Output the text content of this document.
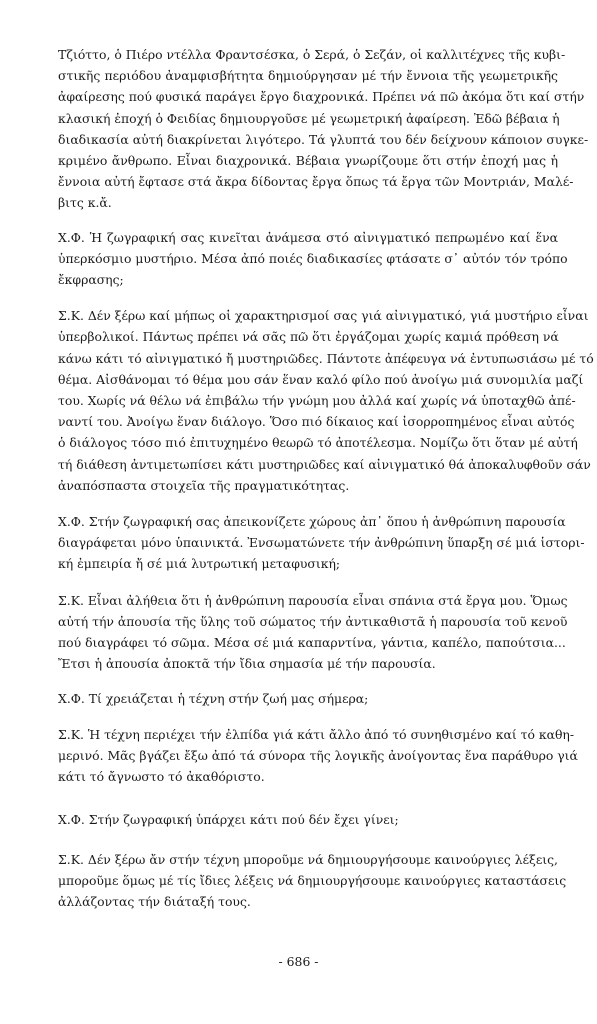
Τζιόττο, ὁ Πιέρο ντέλλα Φραντσέσκα, ὁ Σερά, ὁ Σεζάν, οἱ καλλιτέχνες τῆς κυβι-
στικῆς περιόδου ἀναμφισβήτητα δημιούργησαν μέ τήν ἔννοια τῆς γεωμετρικῆς
ἀφαίρεσης πού φυσικά παράγει ἔργο διαχρονικά. Πρέπει νά πῶ ἀκόμα ὅτι καί στήν
κλασική ἐποχή ὁ Φειδίας δημιουργοῦσε μέ γεωμετρική ἀφαίρεση. Ἐδῶ βέβαια ἡ
διαδικασία αὐτή διακρίνεται λιγότερο. Τά γλυπτά του δέν δείχνουν κάποιον συγκε-
κριμένο ἄνθρωπο. Εἶναι διαχρονικά. Βέβαια γνωρίζουμε ὅτι στήν ἐποχή μας ἡ
ἔννοια αὐτή ἔφτασε στά ἄκρα δίδοντας ἔργα ὅπως τά ἔργα τῶν Μοντριάν, Μαλέ-
βιτς κ.ἄ.
Χ.Φ. Ἡ ζωγραφική σας κινεῖται ἀνάμεσα στό αἰνιγματικό πεπρωμένο καί ἕνα
ὑπερκόσμιο μυστήριο. Μέσα ἀπό ποιές διαδικασίες φτάσατε σ᾿ αὐτόν τόν τρόπο
ἔκφρασης;
Σ.Κ. Δέν ξέρω καί μήπως οἱ χαρακτηρισμοί σας γιά αἰνιγματικό, γιά μυστήριο εἶναι
ὑπερβολικοί. Πάντως πρέπει νά σᾶς πῶ ὅτι ἐργάζομαι χωρίς καμιά πρόθεση νά
κάνω κάτι τό αἰνιγματικό ἤ μυστηριῶδες. Πάντοτε ἀπέφευγα νά ἐντυπωσιάσω μέ τό
θέμα. Αἰσθάνομαι τό θέμα μου σάν ἕναν καλό φίλο πού ἀνοίγω μιά συνομιλία μαζί
του. Χωρίς νά θέλω νά ἐπιβάλω τήν γνώμη μου ἀλλά καί χωρίς νά ὑποταχθῶ ἀπέ-
ναντί του. Ἀνοίγω ἕναν διάλογο. Ὅσο πιό δίκαιος καί ἰσορροπημένος εἶναι αὐτός
ὁ διάλογος τόσο πιό ἐπιτυχημένο θεωρῶ τό ἀποτέλεσμα. Νομίζω ὅτι ὅταν μέ αὐτή
τή διάθεση ἀντιμετωπίσει κάτι μυστηριῶδες καί αἰνιγματικό θά ἀποκαλυφθοῦν σάν
ἀναπόσπαστα στοιχεῖα τῆς πραγματικότητας.
Χ.Φ. Στήν ζωγραφική σας ἀπεικονίζετε χώρους ἀπ᾿ ὅπου ἡ ἀνθρώπινη παρουσία
διαγράφεται μόνο ὑπαινικτά. Ἐνσωματώνετε τήν ἀνθρώπινη ὕπαρξη σέ μιά ἱστορι-
κή ἐμπειρία ἤ σέ μιά λυτρωτική μεταφυσική;
Σ.Κ. Εἶναι ἀλήθεια ὅτι ἡ ἀνθρώπινη παρουσία εἶναι σπάνια στά ἔργα μου. Ὅμως
αὐτή τήν ἀπουσία τῆς ὕλης τοῦ σώματος τήν ἀντικαθιστᾶ ἡ παρουσία τοῦ κενοῦ
πού διαγράφει τό σῶμα. Μέσα σέ μιά καπαρντίνα, γάντια, καπέλο, παπούτσια...
Ἔτσι ἡ ἀπουσία ἀποκτᾶ τήν ἴδια σημασία μέ τήν παρουσία.
Χ.Φ. Τί χρειάζεται ἡ τέχνη στήν ζωή μας σήμερα;
Σ.Κ. Ἡ τέχνη περιέχει τήν ἐλπίδα γιά κάτι ἄλλο ἀπό τό συνηθισμένο καί τό καθη-
μερινό. Μᾶς βγάζει ἔξω ἀπό τά σύνορα τῆς λογικῆς ἀνοίγοντας ἕνα παράθυρο γιά
κάτι τό ἄγνωστο τό ἀκαθόριστο.
Χ.Φ. Στήν ζωγραφική ὑπάρχει κάτι πού δέν ἔχει γίνει;
Σ.Κ. Δέν ξέρω ἄν στήν τέχνη μποροῦμε νά δημιουργήσουμε καινούργιες λέξεις,
μποροῦμε ὅμως μέ τίς ἴδιες λέξεις νά δημιουργήσουμε καινούργιες καταστάσεις
ἀλλάζοντας τήν διάταξή τους.
- 686 -
